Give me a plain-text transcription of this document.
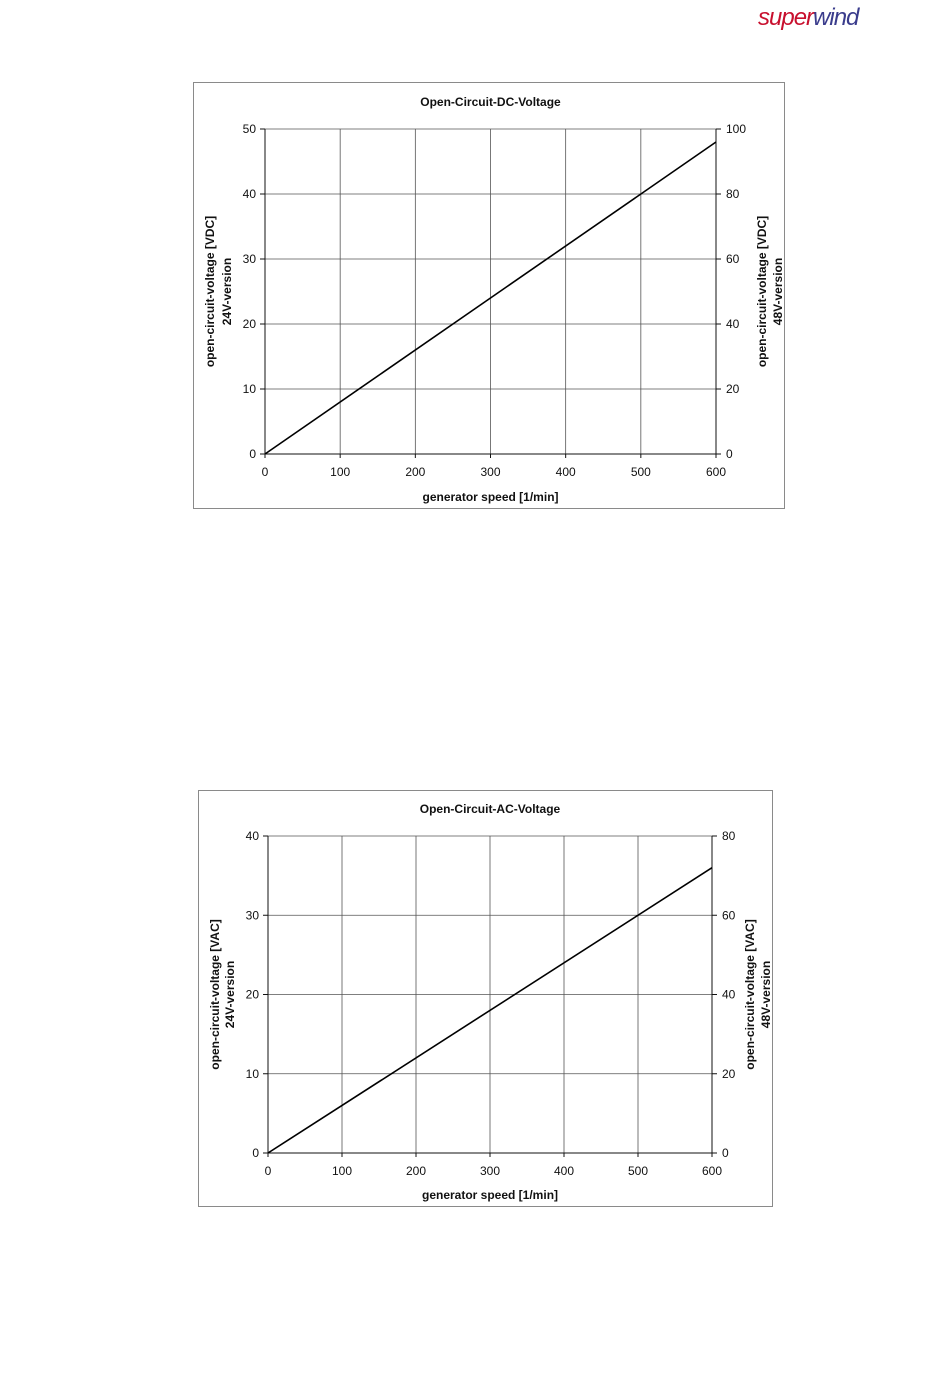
superwind
0	100	200	300	400	500	600
0
10
20
30
40
50
0
20
40
60
80
100
Open-Circuit-DC-Voltage
generator speed [1/min]
open-circuit-voltage [VDC] 24V-version	open-circuit-voltage [VDC] 48V-version
0	100	200	300	400	500	600
0
10
20
30
40
0
20
40
60
80
Open-Circuit-AC-Voltage
generator speed [1/min]
open-circuit-voltage [VAC] 24V-version	open-circuit-voltage [VAC] 48V-version
